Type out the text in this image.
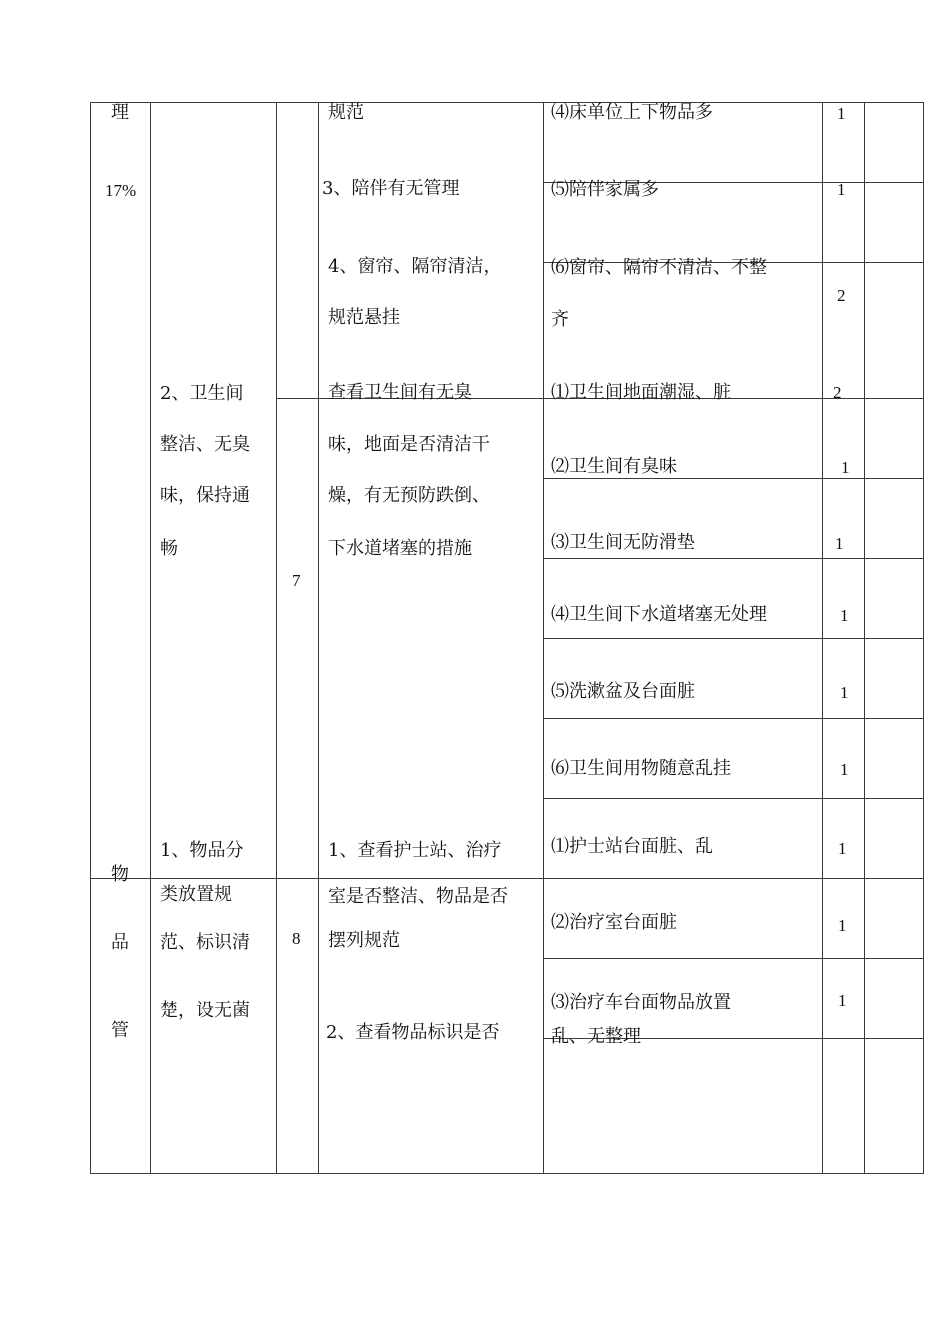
理
17%
物
品
管
2、卫生间
整洁、无臭
味，保持通
畅
1、物品分
类放置规
范、标识清
楚，设无菌
7
8
规范
3、陪伴有无管理
4、窗帘、隔帘清洁，
规范悬挂
查看卫生间有无臭
味，地面是否清洁干
燥，有无预防跌倒、
下水道堵塞的措施
1、查看护士站、治疗
室是否整洁、物品是否
摆列规范
2、查看物品标识是否
⑷床单位上下物品多
⑸陪伴家属多
⑹窗帘、隔帘不清洁、不整
齐
⑴卫生间地面潮湿、脏
⑵卫生间有臭味
⑶卫生间无防滑垫
⑷卫生间下水道堵塞无处理
⑸洗漱盆及台面脏
⑹卫生间用物随意乱挂
⑴护士站台面脏、乱
⑵治疗室台面脏
⑶治疗车台面物品放置
乱、无整理
1
1
2
2
1
1
1
1
1
1
1
1
